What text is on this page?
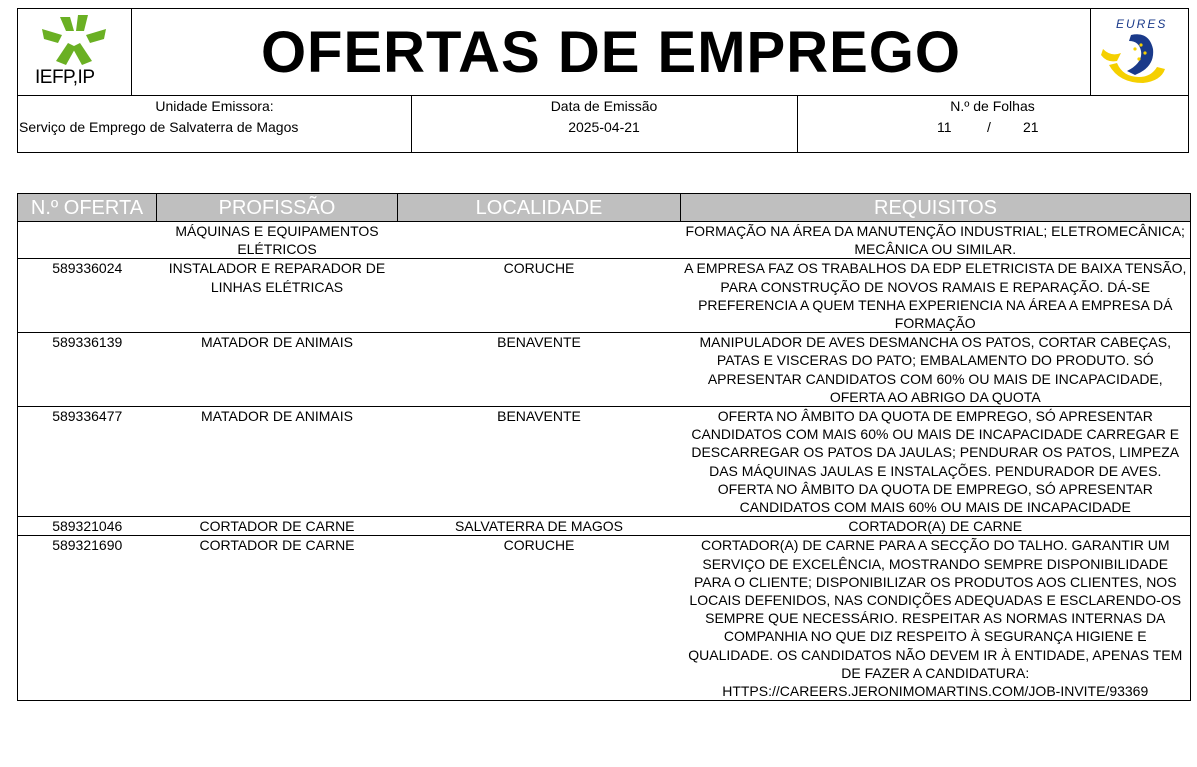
IEFP,IP	OFERTAS DE EMPREGO	EURES
Unidade Emissora:
Serviço de Emprego de Salvaterra de Magos
Data de Emissão
2025-04-21
N.º de Folhas
11	/ 21
N.º OFERTA	PROFISSÃO	LOCALIDADE	REQUISITOS
	MÁQUINAS E EQUIPAMENTOS ELÉTRICOS		FORMAÇÃO NA ÁREA DA MANUTENÇÃO INDUSTRIAL; ELETROMECÂNICA; MECÂNICA OU SIMILAR.
589336024	INSTALADOR E REPARADOR DE LINHAS ELÉTRICAS	CORUCHE	A EMPRESA FAZ OS TRABALHOS DA EDP ELETRICISTA DE BAIXA TENSÃO, PARA CONSTRUÇÃO DE NOVOS RAMAIS E REPARAÇÃO. DÁ-SE PREFERENCIA A QUEM TENHA EXPERIENCIA NA ÁREA A EMPRESA DÁ FORMAÇÃO
589336139	MATADOR DE ANIMAIS	BENAVENTE	MANIPULADOR DE AVES DESMANCHA OS PATOS, CORTAR CABEÇAS, PATAS E VISCERAS DO PATO; EMBALAMENTO DO PRODUTO. SÓ APRESENTAR CANDIDATOS COM 60% OU MAIS DE INCAPACIDADE, OFERTA AO ABRIGO DA QUOTA
589336477	MATADOR DE ANIMAIS	BENAVENTE	OFERTA NO ÂMBITO DA QUOTA DE EMPREGO, SÓ APRESENTAR CANDIDATOS COM MAIS 60% OU MAIS DE INCAPACIDADE CARREGAR E DESCARREGAR OS PATOS DA JAULAS; PENDURAR OS PATOS, LIMPEZA DAS MÁQUINAS JAULAS E INSTALAÇÕES. PENDURADOR DE AVES. OFERTA NO ÂMBITO DA QUOTA DE EMPREGO, SÓ APRESENTAR CANDIDATOS COM MAIS 60% OU MAIS DE INCAPACIDADE
589321046	CORTADOR DE CARNE	SALVATERRA DE MAGOS	CORTADOR(A) DE CARNE
589321690	CORTADOR DE CARNE	CORUCHE	CORTADOR(A) DE CARNE PARA A SECÇÃO DO TALHO. GARANTIR UM SERVIÇO DE EXCELÊNCIA, MOSTRANDO SEMPRE DISPONIBILIDADE PARA O CLIENTE; DISPONIBILIZAR OS PRODUTOS AOS CLIENTES, NOS LOCAIS DEFENIDOS, NAS CONDIÇÕES ADEQUADAS E ESCLARENDO-OS SEMPRE QUE NECESSÁRIO. RESPEITAR AS NORMAS INTERNAS DA COMPANHIA NO QUE DIZ RESPEITO À SEGURANÇA HIGIENE E QUALIDADE. OS CANDIDATOS NÃO DEVEM IR À ENTIDADE, APENAS TEM DE FAZER A CANDIDATURA: HTTPS://CAREERS.JERONIMOMARTINS.COM/JOB-INVITE/93369
